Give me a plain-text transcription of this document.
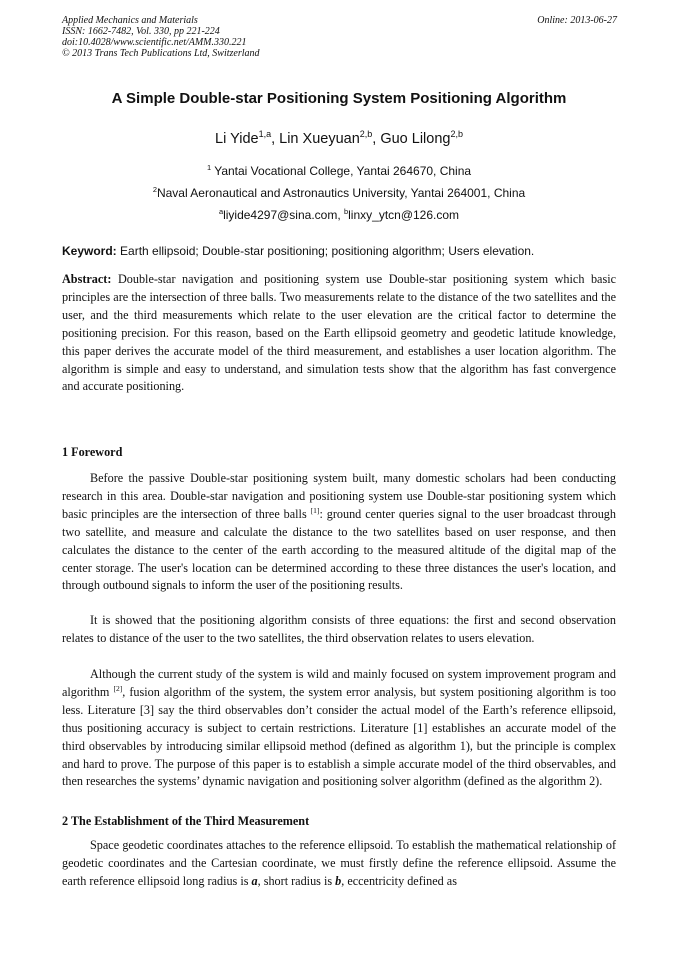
Applied Mechanics and Materials
ISSN: 1662-7482, Vol. 330, pp 221-224
doi:10.4028/www.scientific.net/AMM.330.221
© 2013 Trans Tech Publications Ltd, Switzerland
Online: 2013-06-27
A Simple Double-star Positioning System Positioning Algorithm
Li Yide$^{1,a}$, Lin Xueyuan$^{2,b}$, Guo Lilong$^{2,b}$
$^1$ Yantai Vocational College, Yantai 264670, China
$^2$Naval Aeronautical and Astronautics University, Yantai 264001, China
$^a$liyide4297@sina.com, $^b$linxy_ytcn@126.com
Keyword: Earth ellipsoid; Double-star positioning; positioning algorithm; Users elevation.
Abstract: Double-star navigation and positioning system use Double-star positioning system which basic principles are the intersection of three balls. Two measurements relate to the distance of the two satellites and the user, and the third measurements which relate to the user elevation are the critical factor to determine the positioning precision. For this reason, based on the Earth ellipsoid geometry and geodetic latitude knowledge, this paper derives the accurate model of the third measurement, and establishes a user location algorithm. The algorithm is simple and easy to understand, and simulation tests show that the algorithm has fast convergence and accurate positioning.
1 Foreword
Before the passive Double-star positioning system built, many domestic scholars had been conducting research in this area. Double-star navigation and positioning system use Double-star positioning system which basic principles are the intersection of three balls [1]: ground center queries signal to the user broadcast through two satellite, and measure and calculate the distance to the two satellites based on user response, and then calculates the distance to the center of the earth according to the measured altitude of the digital map of the center storage. The user's location can be determined according to these three distances the user's location, and through outbound signals to inform the user of the positioning results.
It is showed that the positioning algorithm consists of three equations: the first and second observation relates to distance of the user to the two satellites, the third observation relates to users elevation.
Although the current study of the system is wild and mainly focused on system improvement program and algorithm [2], fusion algorithm of the system, the system error analysis, but system positioning algorithm is too less. Literature [3] say the third observables don’t consider the actual model of the Earth’s reference ellipsoid, thus positioning accuracy is subject to certain restrictions. Literature [1] establishes an accurate model of the third observables by introducing similar ellipsoid method (defined as algorithm 1), but the principle is complex and hard to prove. The purpose of this paper is to establish a simple accurate model of the third observables, and then researches the systems’ dynamic navigation and positioning solver algorithm (defined as the algorithm 2).
2 The Establishment of the Third Measurement
Space geodetic coordinates attaches to the reference ellipsoid. To establish the mathematical relationship of geodetic coordinates and the Cartesian coordinate, we must firstly define the reference ellipsoid. Assume the earth reference ellipsoid long radius is a, short radius is b, eccentricity defined as
